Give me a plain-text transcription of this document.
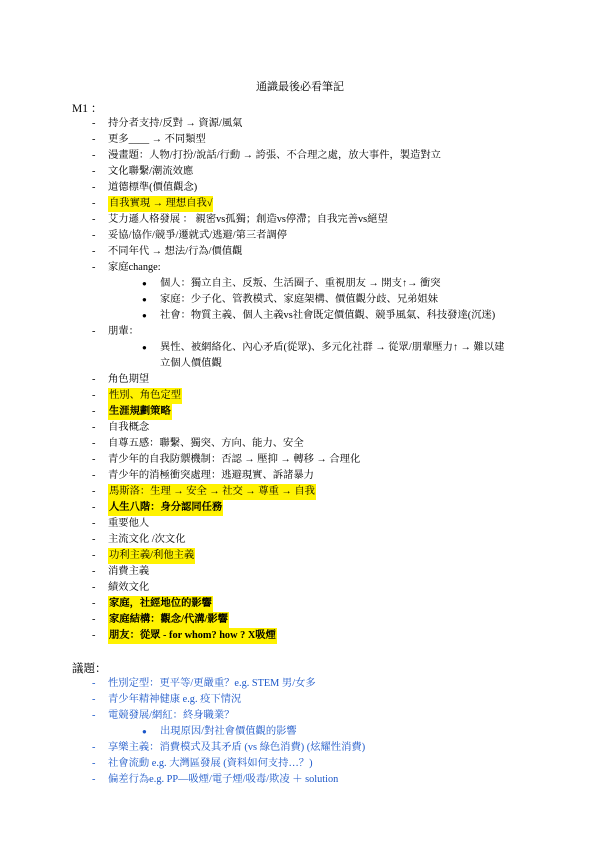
通識最後必看筆記
M1 ：
-	持分者支持/反對 → 資源/風氣
-	更多____ → 不同類型
-	漫畫題：人物/打扮/說話/行動 → 誇張、不合理之處，放大事件，製造對立
-	文化聯繫/潮流效應
-	道德標準(價值觀念)
-	自我實現 → 理想自我√
-	艾力遜人格發展 ： 親密vs孤獨；創造vs停滯；自我完善vs絕望
-	妥協/協作/競爭/遷就式/逃避/第三者調停
-	不同年代 → 想法/行為/價值觀
-	家庭change:
● 個人：獨立自主、反叛、生活圈子、重視朋友 → 開支↑→ 衝突
● 家庭：少子化、管教模式、家庭架構、價值觀分歧、兄弟姐妹
● 社會：物質主義、個人主義vs社會既定價值觀、競爭風氣、科技發達(沉迷)
-	朋輩：
● 異性、被網絡化、內心矛盾(從眾)、多元化社群 → 從眾/朋輩壓力↑ → 難以建
立個人價值觀
-	角色期望
-	性別、角色定型
-	生涯規劃策略
-	自我概念
-	自尊五感：聯繫、獨突、方向、能力、安全
-	青少年的自我防禦機制：否認 → 壓抑 → 轉移 → 合理化
-	青少年的消極衝突處理：逃避現實、訴諸暴力
-	馬斯洛：生理 → 安全 → 社交 → 尊重 → 自我
-	人生八階：身分認同任務
-	重要他人
-	主流文化 /次文化
-	功利主義/利他主義
-	消費主義
-	績效文化
-	家庭，社經地位的影響
-	家庭結構：觀念/代溝/影響
-	朋友：從眾 - for whom? how ? X吸煙
議題：
-	性別定型：更平等/更嚴重？e.g. STEM 男/女多
-	青少年精神健康 e.g. 疫下情況
-	電競發展/網紅：終身職業？
● 出現原因/對社會價值觀的影響
-	享樂主義：消費模式及其矛盾 (vs 綠色消費) (炫耀性消費)
-	社會流動 e.g. 大灣區發展 (資料如何支持…？)
-	偏差行為e.g. PP—吸煙/電子煙/吸毒/欺凌 ＋ solution
